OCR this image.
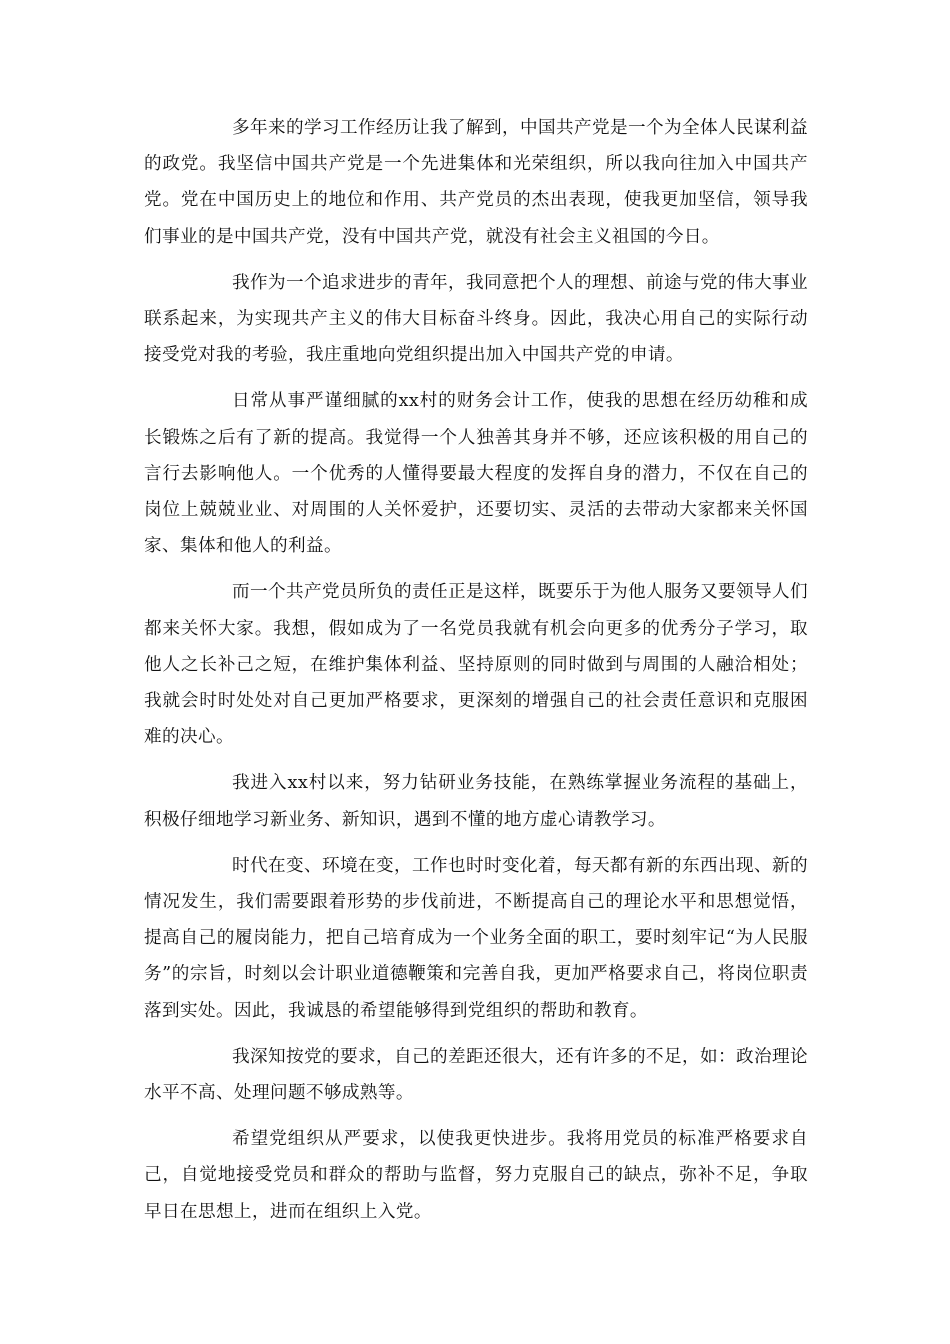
多年来的学习工作经历让我了解到，中国共产党是一个为全体人民谋利益的政党。我坚信中国共产党是一个先进集体和光荣组织，所以我向往加入中国共产党。党在中国历史上的地位和作用、共产党员的杰出表现，使我更加坚信，领导我们事业的是中国共产党，没有中国共产党，就没有社会主义祖国的今日。

我作为一个追求进步的青年，我同意把个人的理想、前途与党的伟大事业联系起来，为实现共产主义的伟大目标奋斗终身。因此，我决心用自己的实际行动接受党对我的考验，我庄重地向党组织提出加入中国共产党的申请。

日常从事严谨细腻的xx村的财务会计工作，使我的思想在经历幼稚和成长锻炼之后有了新的提高。我觉得一个人独善其身并不够，还应该积极的用自己的言行去影响他人。一个优秀的人懂得要最大程度的发挥自身的潜力，不仅在自己的岗位上兢兢业业、对周围的人关怀爱护，还要切实、灵活的去带动大家都来关怀国家、集体和他人的利益。

而一个共产党员所负的责任正是这样，既要乐于为他人服务又要领导人们都来关怀大家。我想，假如成为了一名党员我就有机会向更多的优秀分子学习，取他人之长补己之短，在维护集体利益、坚持原则的同时做到与周围的人融洽相处；我就会时时处处对自己更加严格要求，更深刻的增强自己的社会责任意识和克服困难的决心。

我进入xx村以来，努力钻研业务技能，在熟练掌握业务流程的基础上，积极仔细地学习新业务、新知识，遇到不懂的地方虚心请教学习。

时代在变、环境在变，工作也时时变化着，每天都有新的东西出现、新的情况发生，我们需要跟着形势的步伐前进，不断提高自己的理论水平和思想觉悟，提高自己的履岗能力，把自己培育成为一个业务全面的职工，要时刻牢记“为人民服务”的宗旨，时刻以会计职业道德鞭策和完善自我，更加严格要求自己，将岗位职责落到实处。因此，我诚恳的希望能够得到党组织的帮助和教育。

我深知按党的要求，自己的差距还很大，还有许多的不足，如：政治理论水平不高、处理问题不够成熟等。

希望党组织从严要求，以使我更快进步。我将用党员的标准严格要求自己，自觉地接受党员和群众的帮助与监督，努力克服自己的缺点，弥补不足，争取早日在思想上，进而在组织上入党。
